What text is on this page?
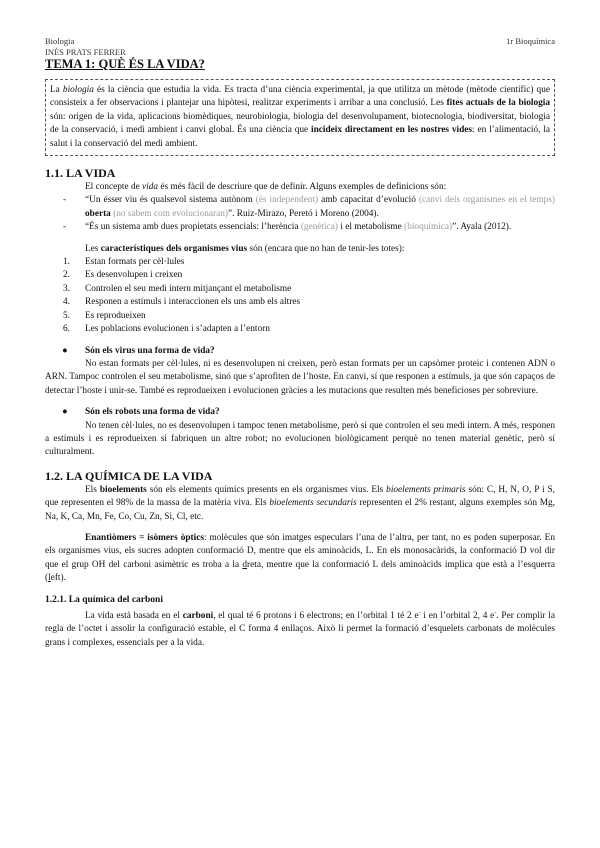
Biologia	1r Bioquímica
INÉS PRATS FERRER
TEMA 1: QUÈ ÉS LA VIDA?
La biologia és la ciència que estudia la vida. Es tracta d’una ciència experimental, ja que utilitza un mètode (mètode científic) que consisteix a fer observacions i plantejar una hipòtesi, realitzar experiments i arribar a una conclusió. Les fites actuals de la biologia són: origen de la vida, aplicacions biomèdiques, neurobiologia, biologia del desenvolupament, biotecnologia, biodiversitat, biologia de la conservació, i medi ambient i canvi global. És una ciència que incideix directament en les nostres vides: en l’alimentació, la salut i la conservació del medi ambient.
1.1. LA VIDA

El concepte de vida és més fàcil de descriure que de definir. Alguns exemples de definicions són:

- “Un ésser viu és qualsevol sistema autònom (és independent) amb capacitat d’evolució (canvi dels organismes en el temps) oberta (no sabem com evolucionaran)”. Ruiz-Mirazo, Peretó i Moreno (2004).
- “És un sistema amb dues propietats essencials: l’herència (genètica) i el metabolisme (bioquímica)”. Ayala (2012).

Les característiques dels organismes vius són (encara que no han de tenir-les totes):

1. Estan formats per cèl·lules
2. Es desenvolupen i creixen
3. Controlen el seu medi intern mitjançant el metabolisme
4. Responen a estímuls i interaccionen els uns amb els altres
5. Es reprodueixen
6. Les poblacions evolucionen i s’adapten a l’entorn
● Són els virus una forma de vida?

No estan formats per cèl·lules, ni es desenvolupen ni creixen, però estan formats per un capsòmer proteic i contenen ADN o ARN. Tampoc controlen el seu metabolisme, sinó que s’aprofiten de l’hoste. En canvi, sí que responen a estímuls, ja que són capaços de detectar l’hoste i unir-se. També es reprodueixen i evolucionen gràcies a les mutacions que resulten més beneficioses per sobreviure.

● Són els robots una forma de vida?

No tenen cèl·lules, no es desenvolupen i tampoc tenen metabolisme, però sí que controlen el seu medi intern. A més, responen a estímuls i es reprodueixen si fabriquen un altre robot; no evolucionen biològicament perquè no tenen material genètic, però sí culturalment.

1.2. LA QUÍMICA DE LA VIDA

Els bioelements són els elements químics presents en els organismes vius. Els bioelements primaris són: C, H, N, O, P i S, que representen el 98% de la massa de la matèria viva. Els bioelements secundaris representen el 2% restant, alguns exemples són Mg, Na, K, Ca, Mn, Fe, Co, Cu, Zn, Si, Cl, etc.

Enantiòmers = isòmers òptics: molècules que són imatges especulars l’una de l’altra, per tant, no es poden superposar. En els organismes vius, els sucres adopten conformació D, mentre que els aminoàcids, L. En els monosacàrids, la conformació D vol dir que el grup OH del carboni asimètric es troba a la dreta, mentre que la conformació L dels aminoàcids implica que està a l’esquerra (left).

1.2.1. La química del carboni

La vida està basada en el carboni, el qual té 6 protons i 6 electrons; en l’orbital 1 té 2 e- i en l’orbital 2, 4 e-. Per complir la regla de l’octet i assolir la configuració estable, el C forma 4 enllaços. Això li permet la formació d’esquelets carbonats de molècules grans i complexes, essencials per a la vida.
